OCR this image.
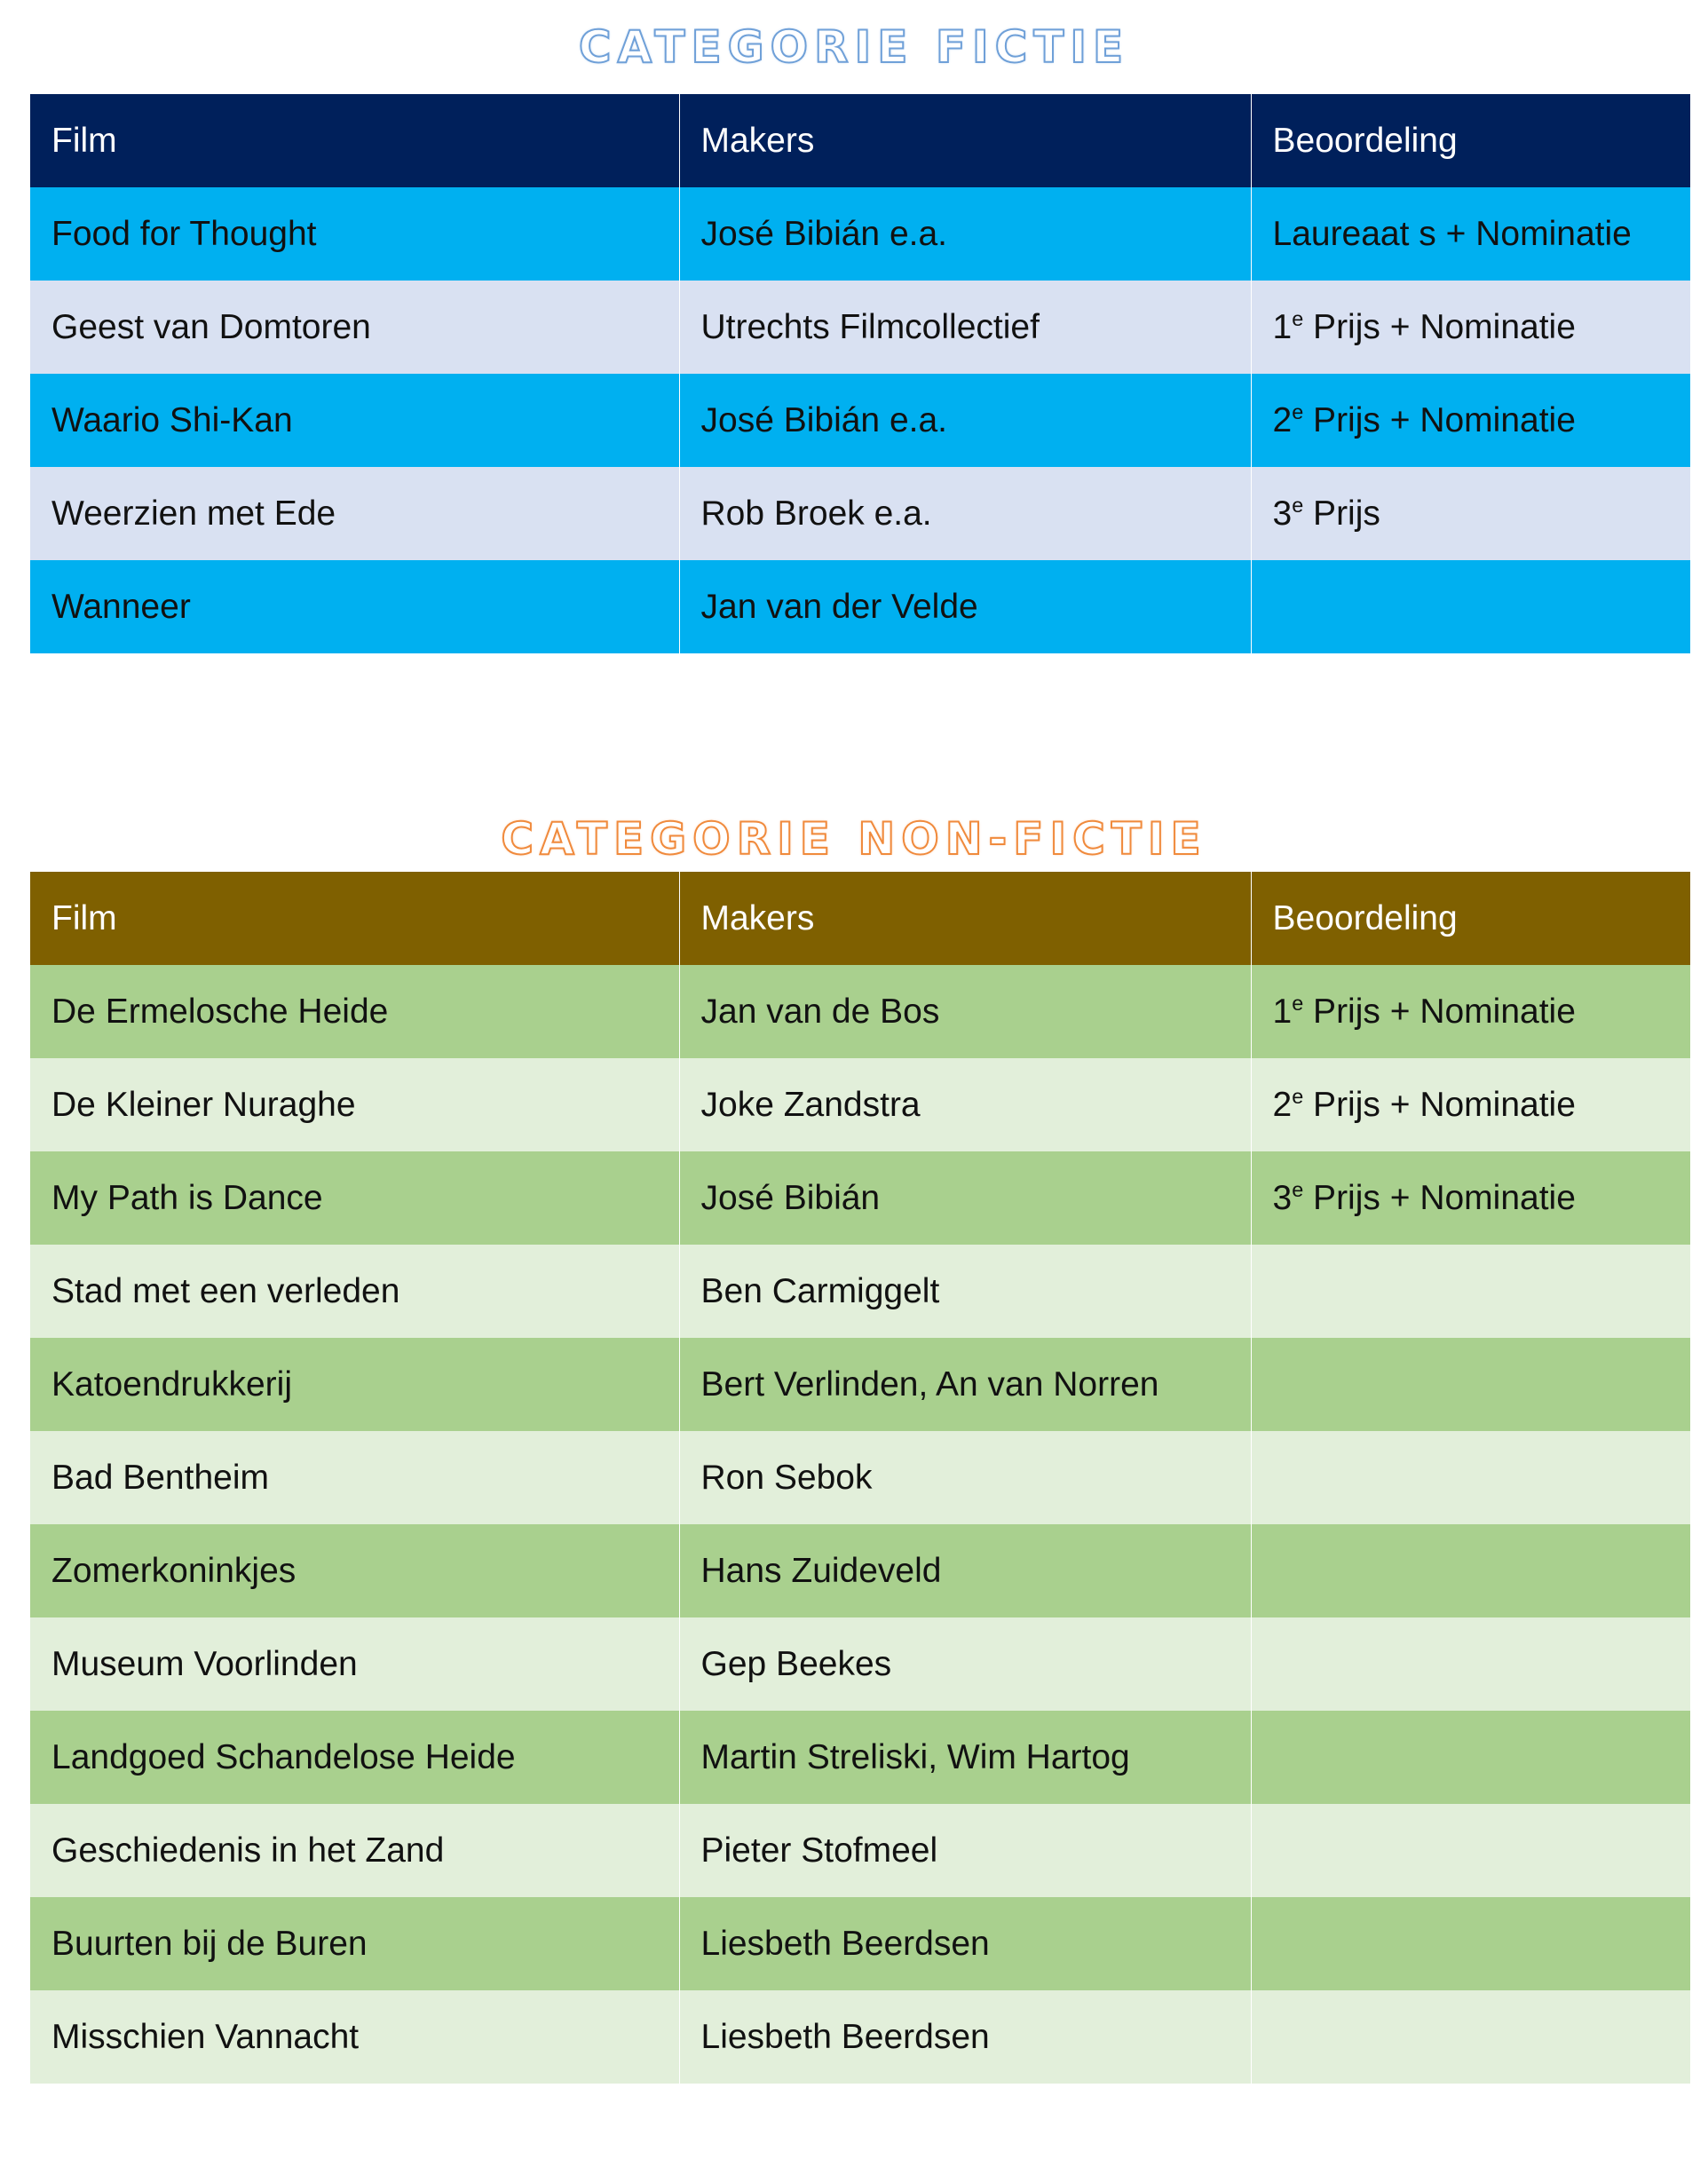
CATEGORIE FICTIE
Film	Makers	Beoordeling
Food for Thought	José Bibián e.a.	Laureaat s + Nominatie
Geest van Domtoren	Utrechts Filmcollectief	1e Prijs + Nominatie
Waario Shi-Kan	José Bibián e.a.	2e Prijs + Nominatie
Weerzien met Ede	Rob Broek e.a.	3e Prijs
Wanneer	Jan van der Velde	
CATEGORIE NON-FICTIE
Film	Makers	Beoordeling
De Ermelosche Heide	Jan van de Bos	1e Prijs + Nominatie
De Kleiner Nuraghe	Joke Zandstra	2e Prijs + Nominatie
My Path is Dance	José Bibián	3e Prijs + Nominatie
Stad met een verleden	Ben Carmiggelt	
Katoendrukkerij	Bert Verlinden, An van Norren	
Bad Bentheim	Ron Sebok	
Zomerkoninkjes	Hans Zuideveld	
Museum Voorlinden	Gep Beekes	
Landgoed Schandelose Heide	Martin Streliski, Wim Hartog	
Geschiedenis in het Zand	Pieter Stofmeel	
Buurten bij de Buren	Liesbeth Beerdsen	
Misschien Vannacht	Liesbeth Beerdsen	
